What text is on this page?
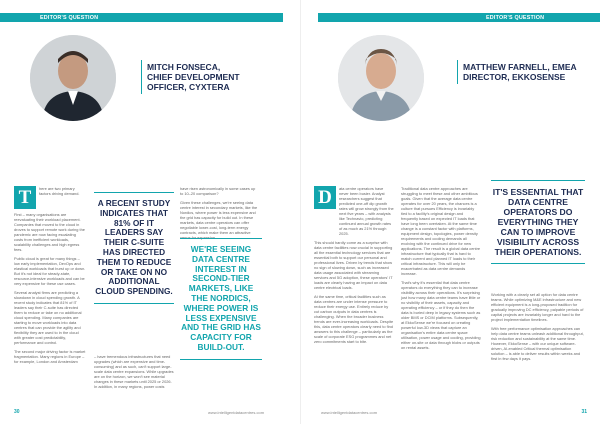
EDITOR'S QUESTION
MITCH FONSECA,
CHIEF DEVELOPMENT
OFFICER, CYXTERA
T	here are two primary factors driving demand.

First – many organisations are reevaluating their workload placement. Companies that moved to the cloud in droves to support remote work during the pandemic are now facing escalating costs from inefficient workloads, scalability challenges and high egress fees.

Public cloud is great for many things – low early implementation, DevOps and elastical workloads that burst up or down. But it's not ideal for steady-state, resource-intensive workloads and can be very expensive for these use cases.

Several analyst firms are predicting a slowdown in cloud spending growth. A recent study indicates that 81% of IT leaders say their C-suite has directed them to reduce or take on no additional cloud spending. Many companies are starting to move workloads into data centres that can provide the agility and flexibility they are used to in the cloud with greater cost predictability, performance and control.

The second major driving factor is market fragmentation. Many regions in Europe – for example, London and Amsterdam

A RECENT STUDY INDICATES THAT 81% OF IT LEADERS SAY THEIR C-SUITE HAS DIRECTED THEM TO REDUCE OR TAKE ON NO ADDITIONAL CLOUD SPENDING.

– have tremendous infrastructures that need upgrades (which are expensive and time-consuming) and as such, can't support large-scale data centre expansions. While upgrades are on the horizon, we won't see material changes in these markets until 2025 or 2026. In addition, in many regions, power costs

have risen astronomically in some cases up to 10–20 comparison?

Given these challenges, we're seeing data centre interest in secondary markets, like the Nordics, where power is less expensive and the grid has capacity for build out. In these markets, data centre operators can offer negotiable lower-cost, long-term energy contracts, which make them an attractive

WE'RE SEEING DATA CENTRE INTEREST IN SECOND-TIER MARKETS, LIKE THE NORDICS, WHERE POWER IS LESS EXPENSIVE AND THE GRID HAS CAPACITY FOR BUILD-OUT.
30	www.intelligentdatacentres.com
EDITOR'S QUESTION
MATTHEW FARNELL, EMEA
DIRECTOR, EKKOSENSE
D	ata centre operators have never been busier. Analyst researchers suggest that predicted one-off dip growth rates will grow strongly from the next five years – with analysts like Technavio, predicting continued annual growth rates of as much as 21% through 2025.

This should hardly come as a surprise with data centre facilities now crucial in supporting all the essential technology services that are essential both to support our personal and professional lives. Driven by trends that show no sign of slowing down, such as increased data usage associated with streaming services and 5G adoption, these operators' IT loads are clearly having an impact on data centre electrical loads.

At the same time, critical facilities such as data centres are under intense pressure to reduce their energy use. Entirely reduce by cut carbon outputs in data centres is challenging. When the broader business trends are ever-increasing workloads. Despite this, data centre operators clearly need to find answers to this challenge – particularly as the scale of corporate ESG programmes and net zero commitments start to bite.

Traditional data centre approaches are struggling to meet these and other ambitious goals. Given that the average data centre operates for over 20 years, the chances is a culture that pursues Efficiency is invariably tied to a facility's original design and frequently based on expected IT loads that have long been overtaken. At the same time change is a constant factor with platforms, equipment design, topologies, power density requirements and cooling demands all evolving with the continued drive for new applications. The result is a global data centre infrastructure that typically that is hard to match current and planned IT loads to their critical infrastructure. This will only be exacerbated as data centre demands increase.

That's why it's essential that data centre operators do everything they can to increase visibility across their operations. It's surprising just how many data centre teams have little or no visibility of their assets, capacity and operating efficiency – or if they do then the data is buried deep in legacy systems such as older BMS or DCIM platforms. Subsequently, at EkkoSense we're focused on creating powerful low-3D views that capture an organisation's entire data centre space utilisation, power usage and cooling, providing either on-site or data through blobs or outputs on rental assets.

IT'S ESSENTIAL THAT DATA CENTRE OPERATORS DO EVERYTHING THEY CAN TO IMPROVE VISIBILITY ACROSS THEIR OPERATIONS.

Working with a clearly set all option for data centre teams. While optimizing M&E infrastructure and new efficient equipment is a long-proposed tradition for gradually improving DC efficiency, palpable periods of capital projects are invariably longer and hard to the project implementation timelines.

With free performance optimisation approaches can help data centre teams unleash additional throughput, risk reduction and sustainability at the same time. However, EkkoSense – with our unique software-driven, AI-enabled Critical thermal optimisation solution – is able to deliver results within weeks and first in few days it pays.

www.intelligentdatacentres.com	31
